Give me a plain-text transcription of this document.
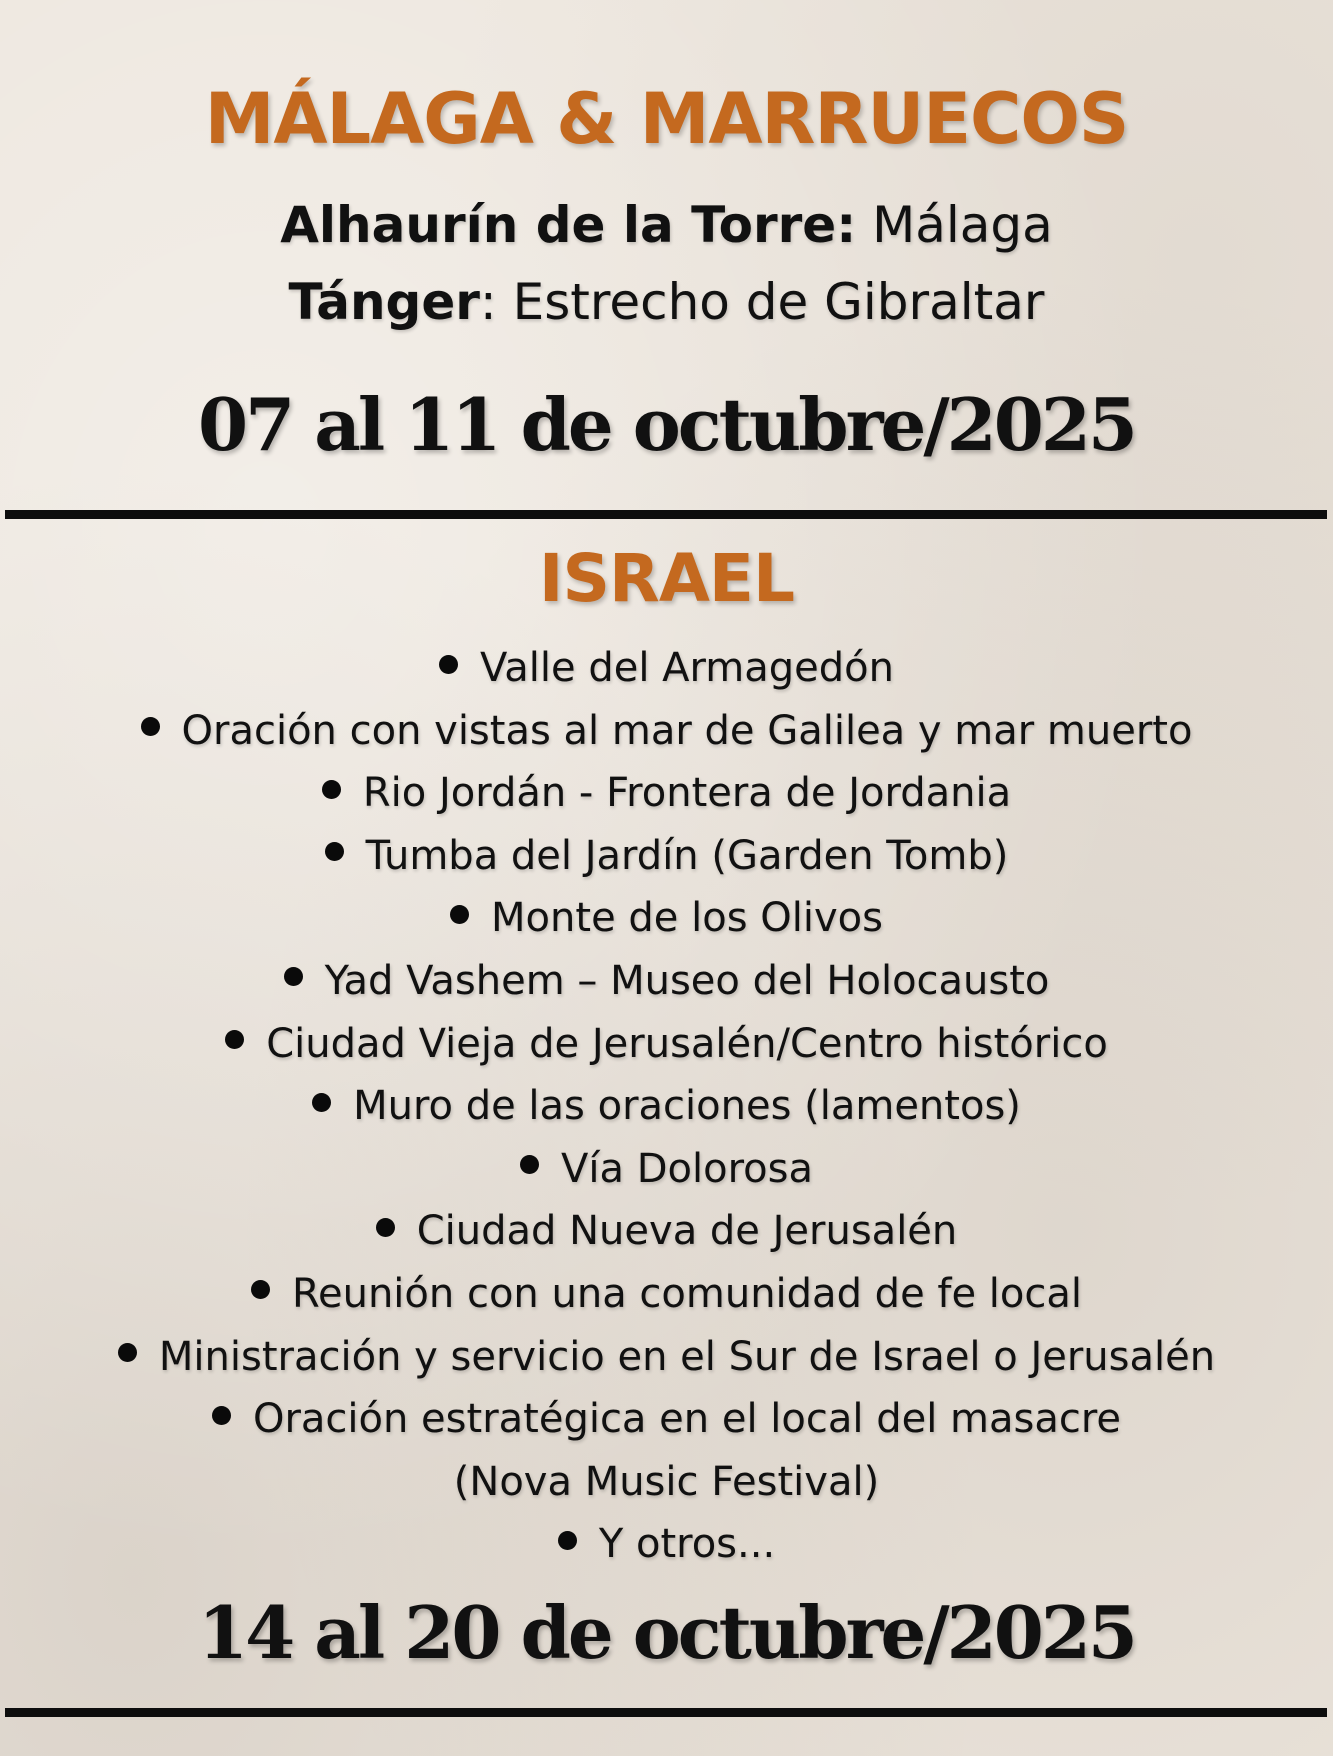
MÁLAGA & MARRUECOS
Alhaurín de la Torre: Málaga
Tánger: Estrecho de Gibraltar
07 al 11 de octubre/2025
ISRAEL
Valle del Armagedón
Oración con vistas al mar de Galilea y mar muerto
Rio Jordán - Frontera de Jordania
Tumba del Jardín (Garden Tomb)
Monte de los Olivos
Yad Vashem – Museo del Holocausto
Ciudad Vieja de Jerusalén/Centro histórico
Muro de las oraciones (lamentos)
Vía Dolorosa
Ciudad Nueva de Jerusalén
Reunión con una comunidad de fe local
Ministración y servicio en el Sur de Israel o Jerusalén
Oración estratégica en el local del masacre
(Nova Music Festival)
Y otros...
14 al 20 de octubre/2025
